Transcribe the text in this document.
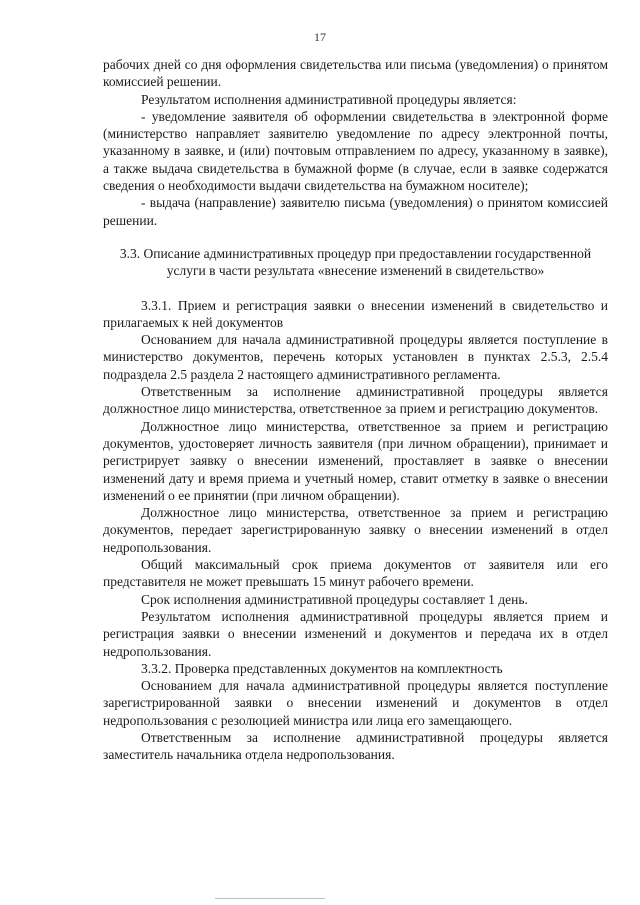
17

рабочих дней со дня оформления свидетельства или письма (уведомления) о принятом комиссией решении.

Результатом исполнения административной процедуры является:

- уведомление заявителя об оформлении свидетельства в электронной форме (министерство направляет заявителю уведомление по адресу электронной почты, указанному в заявке, и (или) почтовым отправлением по адресу, указанному в заявке), а также выдача свидетельства в бумажной форме (в случае, если в заявке содержатся сведения о необходимости выдачи свидетельства на бумажном носителе);

- выдача (направление) заявителю письма (уведомления) о принятом комиссией решении.

3.3. Описание административных процедур при предоставлении государственной услуги в части результата «внесение изменений в свидетельство»

3.3.1. Прием и регистрация заявки о внесении изменений в свидетельство и прилагаемых к ней документов

Основанием для начала административной процедуры является поступление в министерство документов, перечень которых установлен в пунктах 2.5.3, 2.5.4 подраздела 2.5 раздела 2 настоящего административного регламента.

Ответственным за исполнение административной процедуры является должностное лицо министерства, ответственное за прием и регистрацию документов.

Должностное лицо министерства, ответственное за прием и регистрацию документов, удостоверяет личность заявителя (при личном обращении), принимает и регистрирует заявку о внесении изменений, проставляет в заявке о внесении изменений дату и время приема и учетный номер, ставит отметку в заявке о внесении изменений о ее принятии (при личном обращении).

Должностное лицо министерства, ответственное за прием и регистрацию документов, передает зарегистрированную заявку о внесении изменений в отдел недропользования.

Общий максимальный срок приема документов от заявителя или его представителя не может превышать 15 минут рабочего времени.

Срок исполнения административной процедуры составляет 1 день.

Результатом исполнения административной процедуры является прием и регистрация заявки о внесении изменений и документов и передача их в отдел недропользования.

3.3.2. Проверка представленных документов на комплектность

Основанием для начала административной процедуры является поступление зарегистрированной заявки о внесении изменений и документов в отдел недропользования с резолюцией министра или лица его замещающего.

Ответственным за исполнение административной процедуры является заместитель начальника отдела недропользования.
